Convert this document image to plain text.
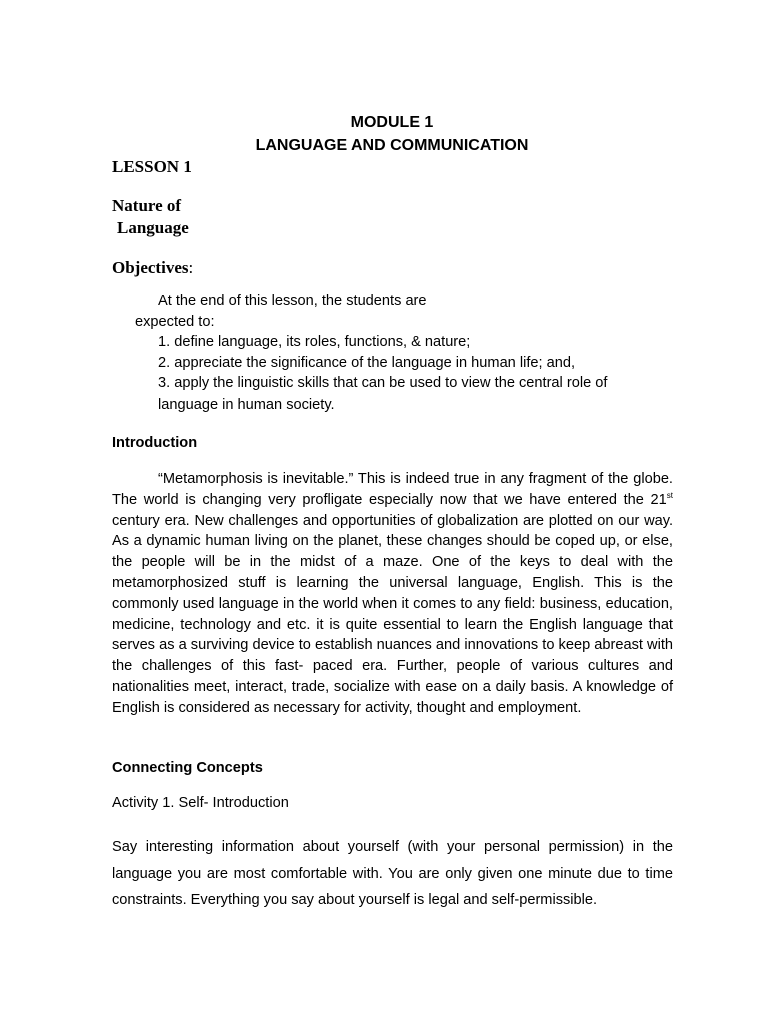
MODULE 1
LANGUAGE AND COMMUNICATION
LESSON 1
Nature of
Language
Objectives:
At the end of this lesson, the students are
expected to:
1. define language, its roles, functions, & nature;
2. appreciate the significance of the language in human life; and,
3. apply the linguistic skills that can be used to view the central role of
language in human society.
Introduction

“Metamorphosis is inevitable.” This is indeed true in any fragment of the globe. The world is changing very profligate especially now that we have entered the 21st century era. New challenges and opportunities of globalization are plotted on our way. As a dynamic human living on the planet, these changes should be coped up, or else, the people will be in the midst of a maze. One of the keys to deal with the metamorphosized stuff is learning the universal language, English. This is the commonly used language in the world when it comes to any field: business, education, medicine, technology and etc. it is quite essential to learn the English language that serves as a surviving device to establish nuances and innovations to keep abreast with the challenges of this fast- paced era. Further, people of various cultures and nationalities meet, interact, trade, socialize with ease on a daily basis. A knowledge of English is considered as necessary for activity, thought and employment.

Connecting Concepts
Activity 1. Self- Introduction

Say interesting information about yourself (with your personal permission) in the language you are most comfortable with. You are only given one minute due to time constraints. Everything you say about yourself is legal and self-permissible.
